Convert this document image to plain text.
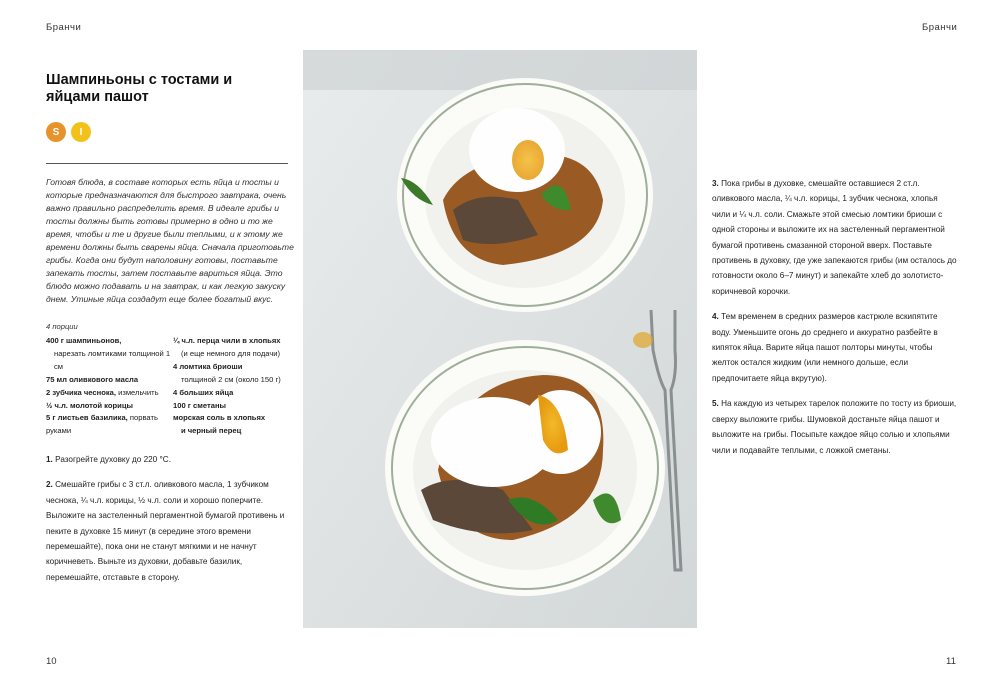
Бранчи
Шампиньоны с тостами и яйцами пашот
S	I
Готовя блюда, в составе которых есть яйца и тосты и которые предназначаются для быстрого завтрака, очень важно правильно распределить время. В идеале грибы и тосты должны быть готовы примерно в одно и то же время, чтобы и те и другие были теплыми, и к этому же времени должны быть сварены яйца. Сначала приготовьте грибы. Когда они будут наполовину готовы, поставьте запекать тосты, затем поставьте вариться яйца. Это блюдо можно подавать и на завтрак, и как легкую закуску днем. Утиные яйца создадут еще более богатый вкус.
4 порции
400 г шампиньонов,
нарезать ломтиками толщиной 1 см
75 мл оливкового масла
2 зубчика чеснока, измельчить
½ ч.л. молотой корицы
5 г листьев базилика, порвать руками
¼ ч.л. перца чили в хлопьях
(и еще немного для подачи)
4 ломтика бриоши
толщиной 2 см (около 150 г)
4 больших яйца
100 г сметаны
морская соль в хлопьях
и черный перец

1. Разогрейте духовку до 220 °С.

2. Смешайте грибы с 3 ст.л. оливкового масла, 1 зубчиком чеснока, ¼ ч.л. корицы, ½ ч.л. соли и хорошо поперчите. Выложите на застеленный пергаментной бумагой противень и пеките в духовке 15 минут (в середине этого времени перемешайте), пока они не станут мягкими и не начнут коричневеть. Выньте из духовки, добавьте базилик, перемешайте, отставьте в сторону.

10
Бранчи

3. Пока грибы в духовке, смешайте оставшиеся 2 ст.л. оливкового масла, ¼ ч.л. корицы, 1 зубчик чеснока, хлопья чили и ¼ ч.л. соли. Смажьте этой смесью ломтики бриоши с одной стороны и выложите их на застеленный пергаментной бумагой противень смазанной стороной вверх. Поставьте противень в духовку, где уже запекаются грибы (им осталось до готовности около 6–7 минут) и запекайте хлеб до золотисто-коричневой корочки.

4. Тем временем в средних размеров кастрюле вскипятите воду. Уменьшите огонь до среднего и аккуратно разбейте в кипяток яйца. Варите яйца пашот полторы минуты, чтобы желток остался жидким (или немного дольше, если предпочитаете яйца вкрутую).

5. На каждую из четырех тарелок положите по тосту из бриоши, сверху выложите грибы. Шумовкой достаньте яйца пашот и выложите на грибы. Посыпьте каждое яйцо солью и хлопьями чили и подавайте теплыми, с ложкой сметаны.

11
